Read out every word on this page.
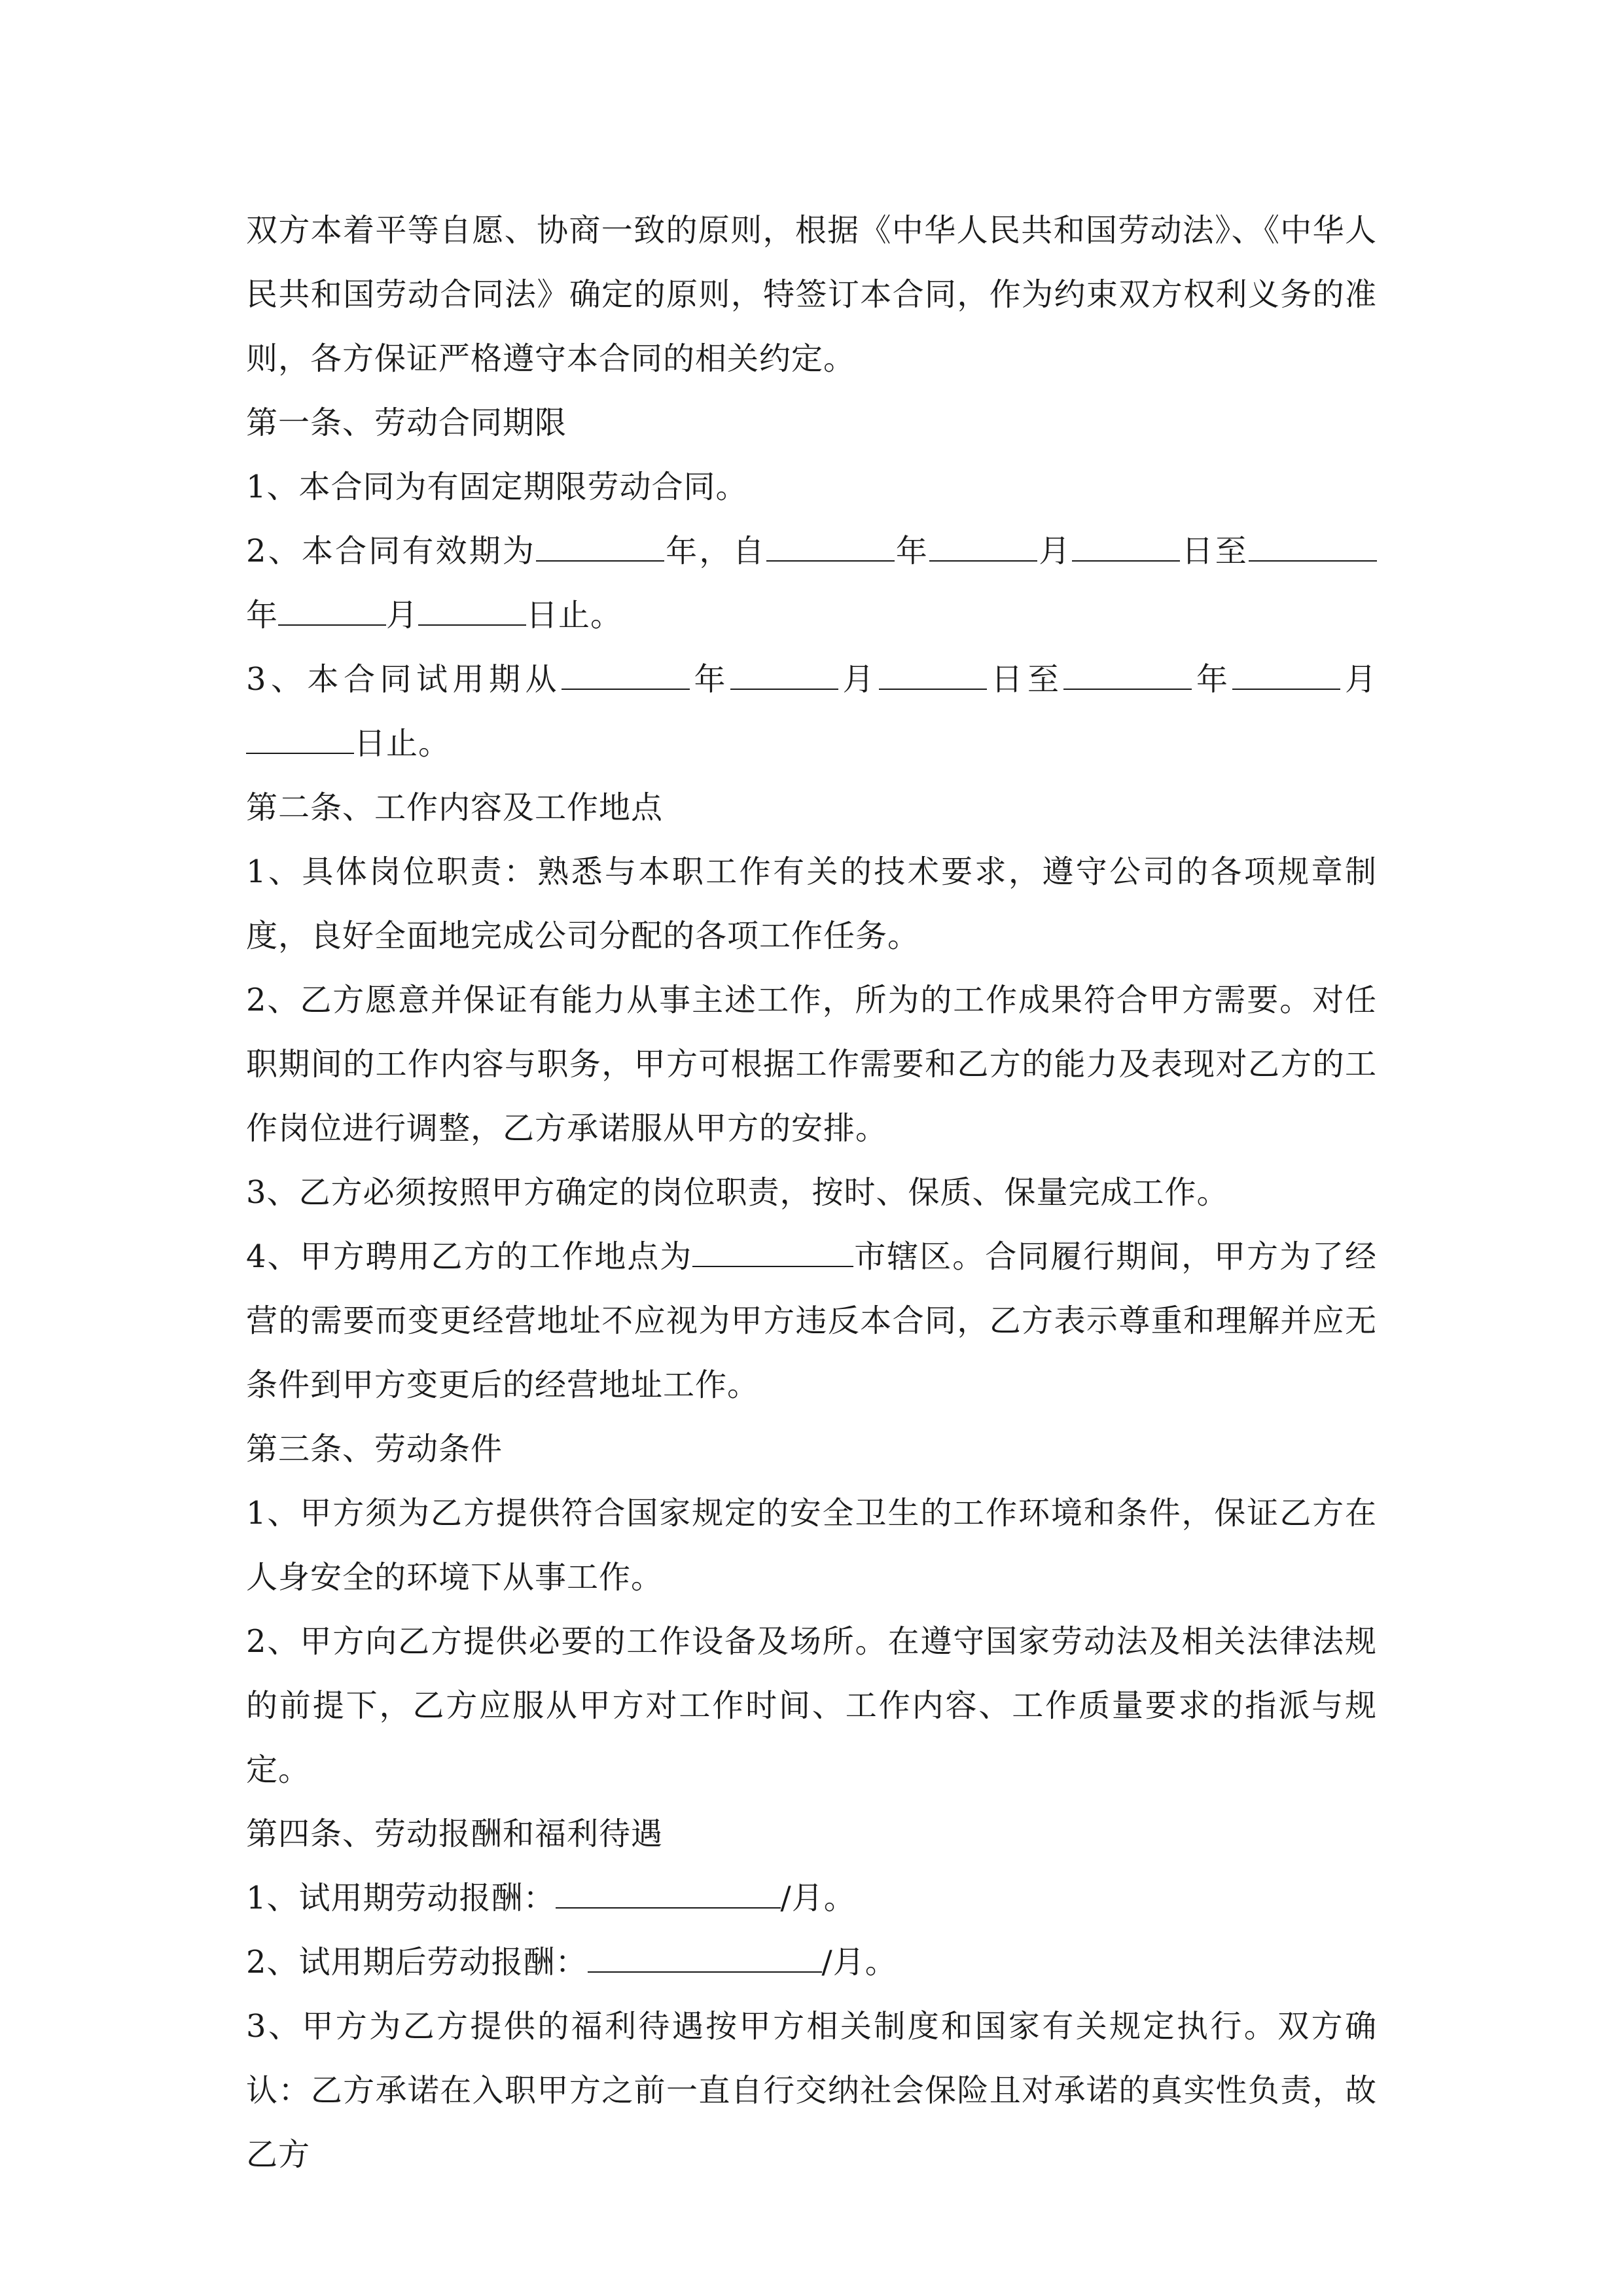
双方本着平等自愿、协商一致的原则，根据《中华人民共和国劳动法》、《中华人民共和国劳动合同法》确定的原则，特签订本合同，作为约束双方权利义务的准则，各方保证严格遵守本合同的相关约定。

第一条、劳动合同期限

1、本合同为有固定期限劳动合同。

2、本合同有效期为	年，自	年	月	日至年	月	日止。

3、本合同试用期从	年	月	日至	年	月日止。

第二条、工作内容及工作地点

1、具体岗位职责：熟悉与本职工作有关的技术要求，遵守公司的各项规章制度，良好全面地完成公司分配的各项工作任务。

2、乙方愿意并保证有能力从事主述工作，所为的工作成果符合甲方需要。对任职期间的工作内容与职务，甲方可根据工作需要和乙方的能力及表现对乙方的工作岗位进行调整，乙方承诺服从甲方的安排。

3、乙方必须按照甲方确定的岗位职责，按时、保质、保量完成工作。

4、甲方聘用乙方的工作地点为	市辖区。合同履行期间，甲方为了经营的需要而变更经营地址不应视为甲方违反本合同，乙方表示尊重和理解并应无条件到甲方变更后的经营地址工作。

第三条、劳动条件

1、甲方须为乙方提供符合国家规定的安全卫生的工作环境和条件，保证乙方在人身安全的环境下从事工作。

2、甲方向乙方提供必要的工作设备及场所。在遵守国家劳动法及相关法律法规的前提下，乙方应服从甲方对工作时间、工作内容、工作质量要求的指派与规定。

第四条、劳动报酬和福利待遇

1、试用期劳动报酬：	/月。

2、试用期后劳动报酬：	/月。

3、甲方为乙方提供的福利待遇按甲方相关制度和国家有关规定执行。双方确认：乙方承诺在入职甲方之前一直自行交纳社会保险且对承诺的真实性负责，故乙方
